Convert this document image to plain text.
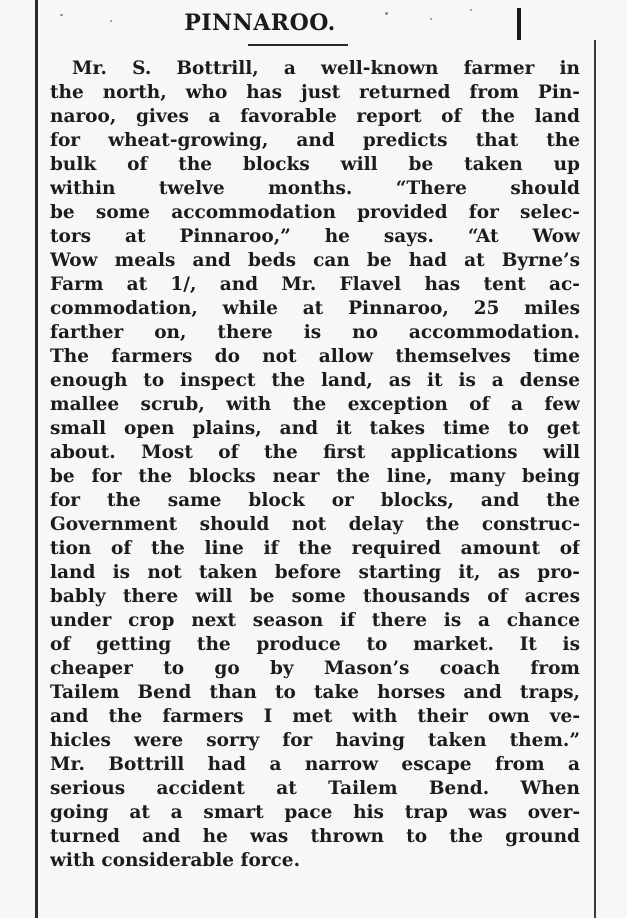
PINNAROO.
Mr. S. Bottrill, a well-known farmer in
the north, who has just returned from Pin-
naroo, gives a favorable report of the land
for wheat-growing, and predicts that the
bulk of the blocks will be taken up
within twelve months. “There should
be some accommodation provided for selec-
tors at Pinnaroo,” he says. “At Wow
Wow meals and beds can be had at Byrne’s
Farm at 1/, and Mr. Flavel has tent ac-
commodation, while at Pinnaroo, 25 miles
farther on, there is no accommodation.
The farmers do not allow themselves time
enough to inspect the land, as it is a dense
mallee scrub, with the exception of a few
small open plains, and it takes time to get
about. Most of the first applications will
be for the blocks near the line, many being
for the same block or blocks, and the
Government should not delay the construc-
tion of the line if the required amount of
land is not taken before starting it, as pro-
bably there will be some thousands of acres
under crop next season if there is a chance
of getting the produce to market. It is
cheaper to go by Mason’s coach from
Tailem Bend than to take horses and traps,
and the farmers I met with their own ve-
hicles were sorry for having taken them.”
Mr. Bottrill had a narrow escape from a
serious accident at Tailem Bend. When
going at a smart pace his trap was over-
turned and he was thrown to the ground
with considerable force.
